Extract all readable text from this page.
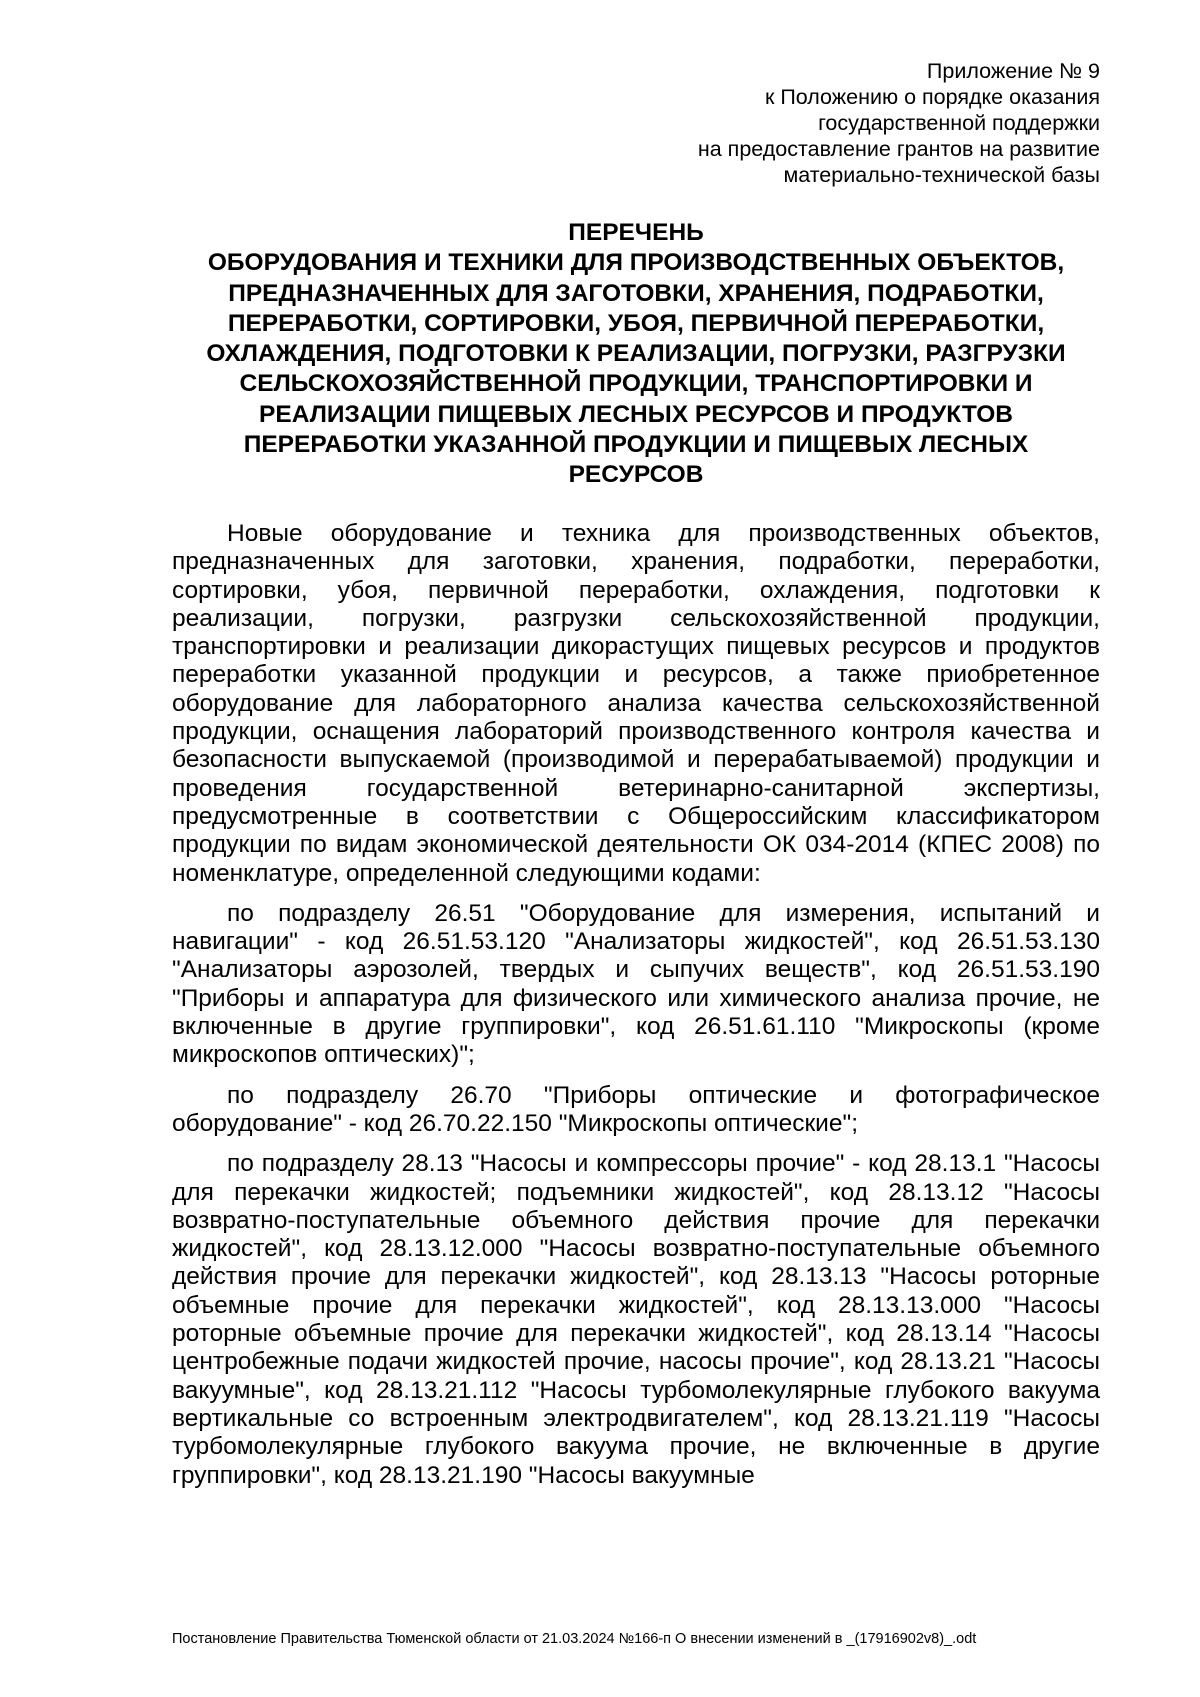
Приложение № 9
к Положению о порядке оказания
государственной поддержки
на предоставление грантов на развитие
материально-технической базы
ПЕРЕЧЕНЬ
ОБОРУДОВАНИЯ И ТЕХНИКИ ДЛЯ ПРОИЗВОДСТВЕННЫХ ОБЪЕКТОВ,
ПРЕДНАЗНАЧЕННЫХ ДЛЯ ЗАГОТОВКИ, ХРАНЕНИЯ, ПОДРАБОТКИ,
ПЕРЕРАБОТКИ, СОРТИРОВКИ, УБОЯ, ПЕРВИЧНОЙ ПЕРЕРАБОТКИ,
ОХЛАЖДЕНИЯ, ПОДГОТОВКИ К РЕАЛИЗАЦИИ, ПОГРУЗКИ, РАЗГРУЗКИ
СЕЛЬСКОХОЗЯЙСТВЕННОЙ ПРОДУКЦИИ, ТРАНСПОРТИРОВКИ И
РЕАЛИЗАЦИИ ПИЩЕВЫХ ЛЕСНЫХ РЕСУРСОВ И ПРОДУКТОВ
ПЕРЕРАБОТКИ УКАЗАННОЙ ПРОДУКЦИИ И ПИЩЕВЫХ ЛЕСНЫХ
РЕСУРСОВ

Новые оборудование и техника для производственных объектов, предназначенных для заготовки, хранения, подработки, переработки, сортировки, убоя, первичной переработки, охлаждения, подготовки к реализации, погрузки, разгрузки сельскохозяйственной продукции, транспортировки и реализации дикорастущих пищевых ресурсов и продуктов переработки указанной продукции и ресурсов, а также приобретенное оборудование для лабораторного анализа качества сельскохозяйственной продукции, оснащения лабораторий производственного контроля качества и безопасности выпускаемой (производимой и перерабатываемой) продукции и проведения государственной ветеринарно-санитарной экспертизы, предусмотренные в соответствии с Общероссийским классификатором продукции по видам экономической деятельности ОК 034-2014 (КПЕС 2008) по номенклатуре, определенной следующими кодами:

по подразделу 26.51 "Оборудование для измерения, испытаний и навигации" - код 26.51.53.120 "Анализаторы жидкостей", код 26.51.53.130 "Анализаторы аэрозолей, твердых и сыпучих веществ", код 26.51.53.190 "Приборы и аппаратура для физического или химического анализа прочие, не включенные в другие группировки", код 26.51.61.110 "Микроскопы (кроме микроскопов оптических)";

по подразделу 26.70 "Приборы оптические и фотографическое оборудование" - код 26.70.22.150 "Микроскопы оптические";

по подразделу 28.13 "Насосы и компрессоры прочие" - код 28.13.1 "Насосы для перекачки жидкостей; подъемники жидкостей", код 28.13.12 "Насосы возвратно-поступательные объемного действия прочие для перекачки жидкостей", код 28.13.12.000 "Насосы возвратно-поступательные объемного действия прочие для перекачки жидкостей", код 28.13.13 "Насосы роторные объемные прочие для перекачки жидкостей", код 28.13.13.000 "Насосы роторные объемные прочие для перекачки жидкостей", код 28.13.14 "Насосы центробежные подачи жидкостей прочие, насосы прочие", код 28.13.21 "Насосы вакуумные", код 28.13.21.112 "Насосы турбомолекулярные глубокого вакуума вертикальные со встроенным электродвигателем", код 28.13.21.119 "Насосы турбомолекулярные глубокого вакуума прочие, не включенные в другие группировки", код 28.13.21.190 "Насосы вакуумные

Постановление Правительства Тюменской области от 21.03.2024 №166-п О внесении изменений в _(17916902v8)_.odt
